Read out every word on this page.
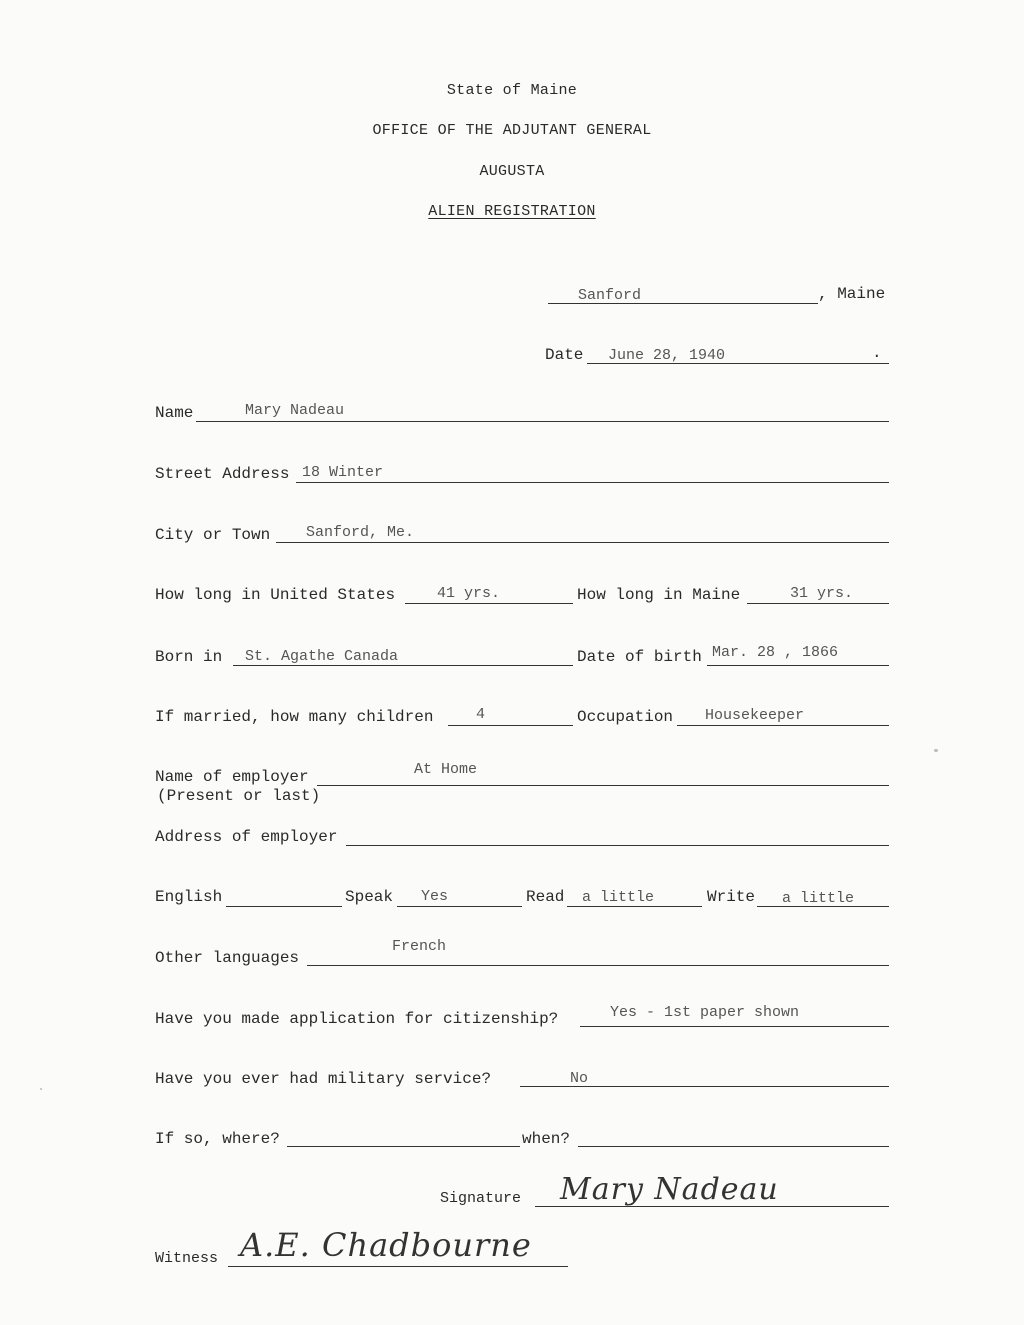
State of Maine
OFFICE OF THE ADJUTANT GENERAL
AUGUSTA
ALIEN REGISTRATION
Sanford	, Maine
Date June 28, 1940	.
Name	Mary Nadeau
Street Address 18 Winter
City or Town Sanford, Me.
How long in United States	41 yrs.	How long in Maine	31 yrs.
Born in St. Agathe Canada	Date of birth Mar. 28 , 1866
If married, how many children	4	Occupation Housekeeper
Name of employer	At Home
(Present or last)
Address of employer
English	Speak Yes	Read a little	Write a little
Other languages
French
Have you made application for citizenship?	Yes - 1st paper shown
Have you ever had military service?	No
If so, where?	when?
Signature Mary Nadeau
Witness A.E. Chadbourne
